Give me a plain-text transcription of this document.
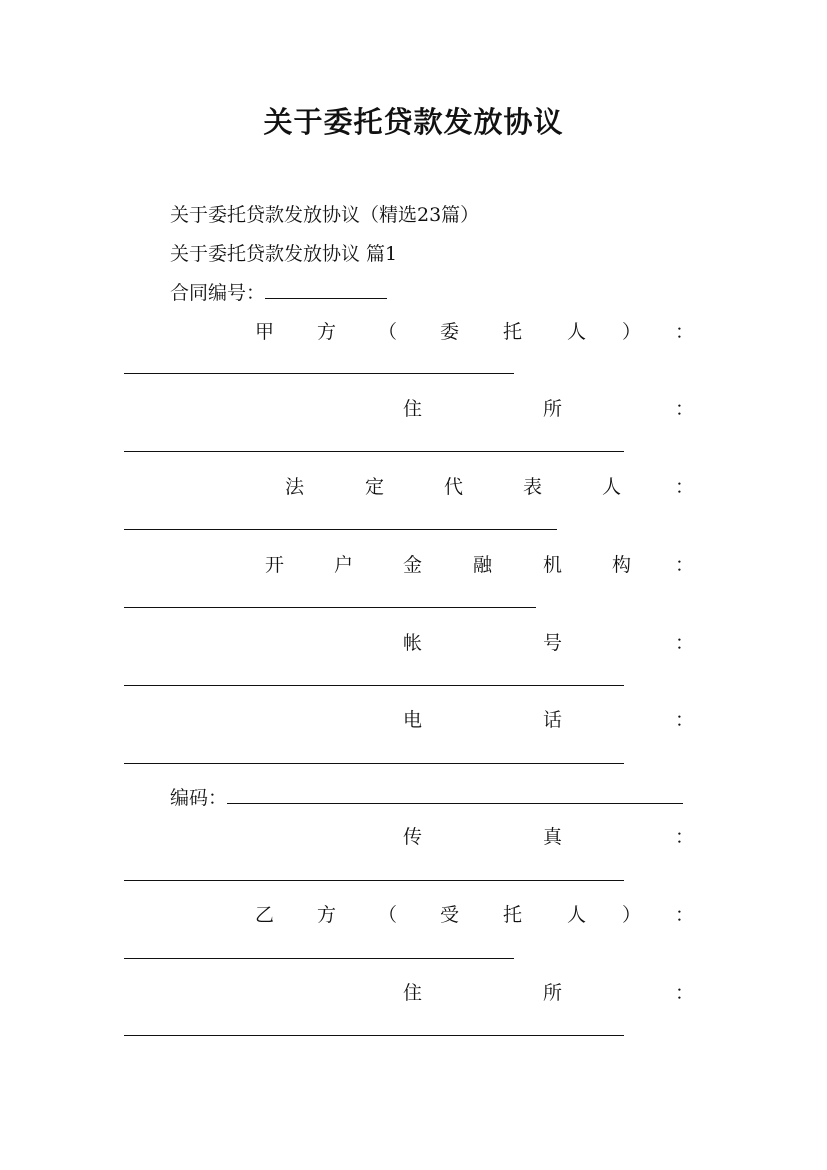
关于委托贷款发放协议
关于委托贷款发放协议（精选23篇）
关于委托贷款发放协议 篇1
合同编号：
甲 方 （ 委 托 人 ） ：
住	所	：
法	定	代	表	人	：
开	户	金	融	机	构 ：
帐	号	：
电	话	：
编码：
传	真	：
乙 方 （ 受 托 人 ） ：
住	所	：
